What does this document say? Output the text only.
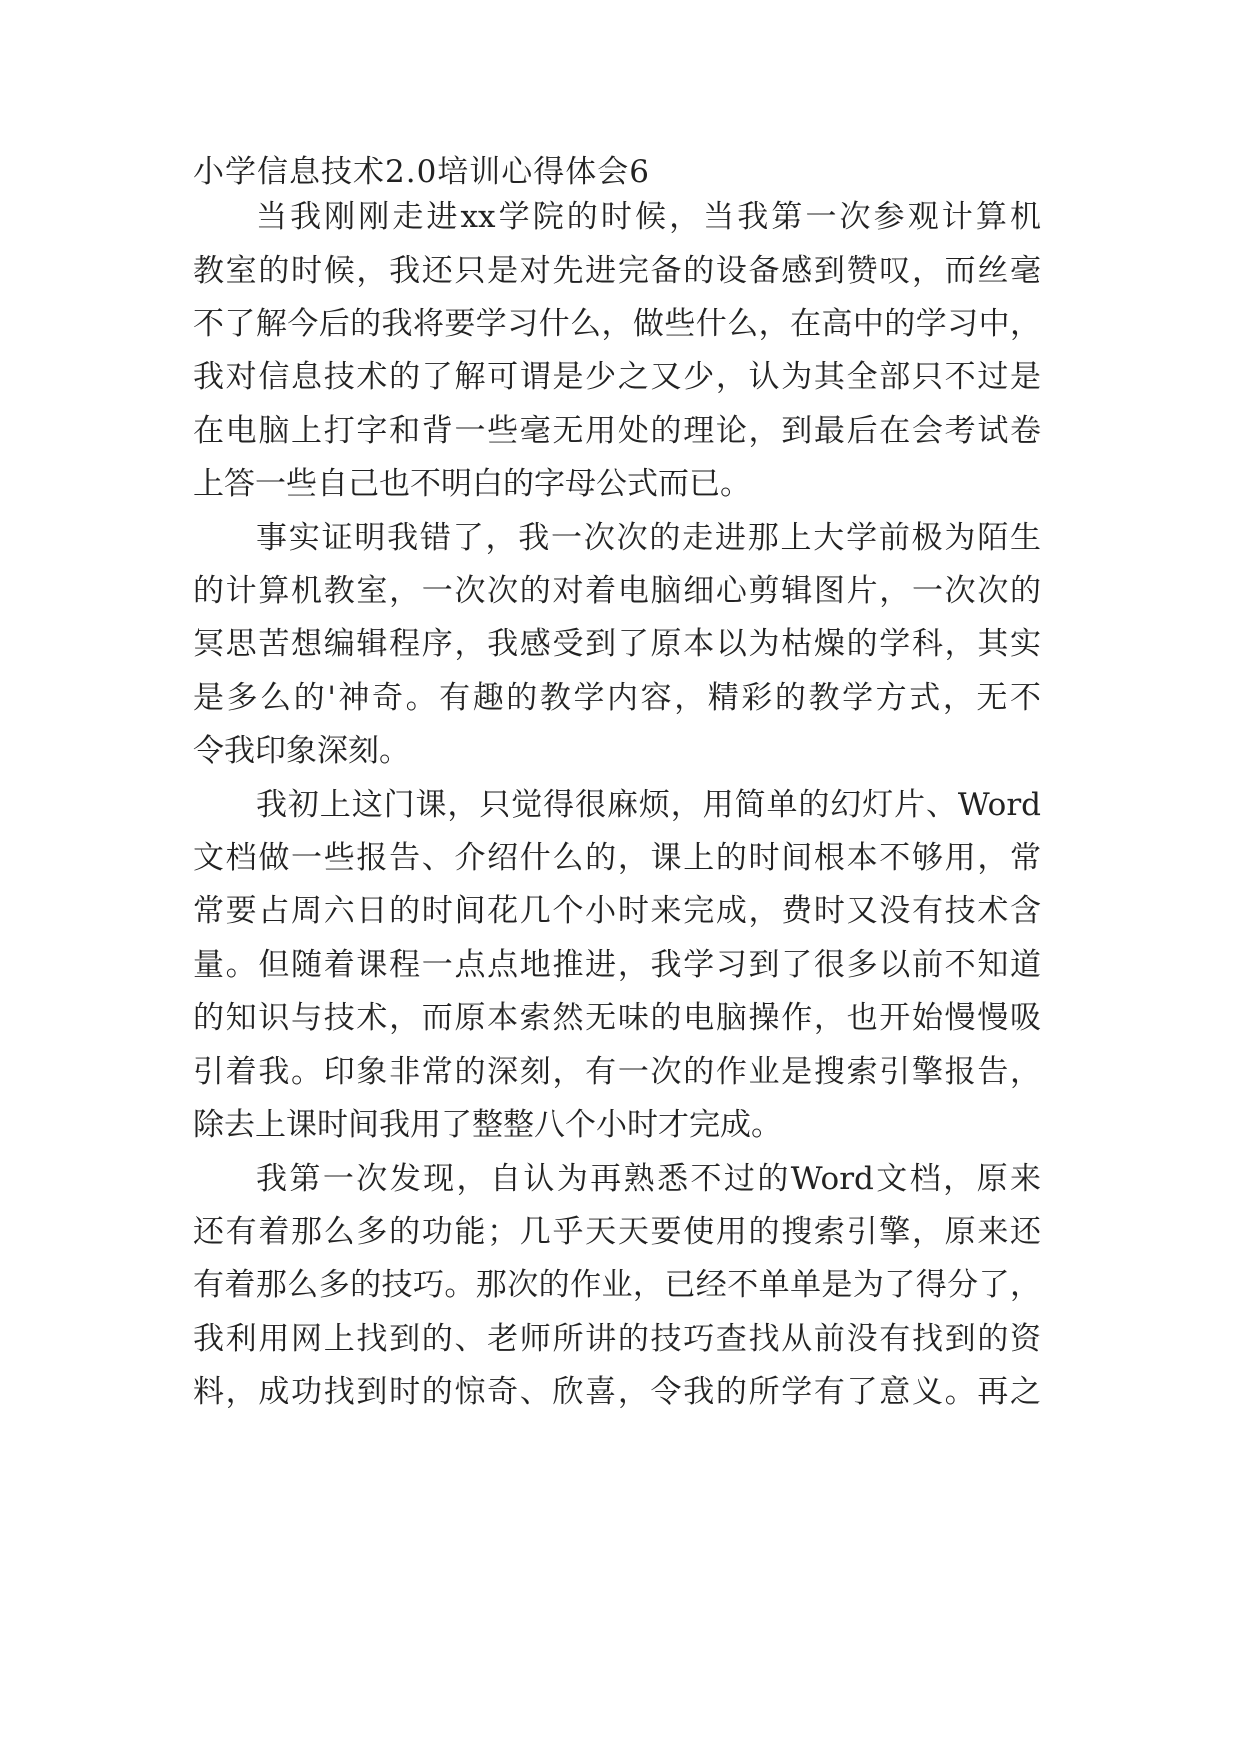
小学信息技术2.0培训心得体会6
当我刚刚走进xx学院的时候，当我第一次参观计算机
教室的时候，我还只是对先进完备的设备感到赞叹，而丝毫
不了解今后的我将要学习什么，做些什么，在高中的学习中，
我对信息技术的了解可谓是少之又少，认为其全部只不过是
在电脑上打字和背一些毫无用处的理论，到最后在会考试卷
上答一些自己也不明白的字母公式而已。
事实证明我错了，我一次次的走进那上大学前极为陌生
的计算机教室，一次次的对着电脑细心剪辑图片，一次次的
冥思苦想编辑程序，我感受到了原本以为枯燥的学科，其实
是多么的'神奇。有趣的教学内容，精彩的教学方式，无不
令我印象深刻。
我初上这门课，只觉得很麻烦，用简单的幻灯片、Word
文档做一些报告、介绍什么的，课上的时间根本不够用，常
常要占周六日的时间花几个小时来完成，费时又没有技术含
量。但随着课程一点点地推进，我学习到了很多以前不知道
的知识与技术，而原本索然无味的电脑操作，也开始慢慢吸
引着我。印象非常的深刻，有一次的作业是搜索引擎报告，
除去上课时间我用了整整八个小时才完成。
我第一次发现，自认为再熟悉不过的Word文档，原来
还有着那么多的功能；几乎天天要使用的搜索引擎，原来还
有着那么多的技巧。那次的作业，已经不单单是为了得分了，
我利用网上找到的、老师所讲的技巧查找从前没有找到的资
料，成功找到时的惊奇、欣喜，令我的所学有了意义。再之
